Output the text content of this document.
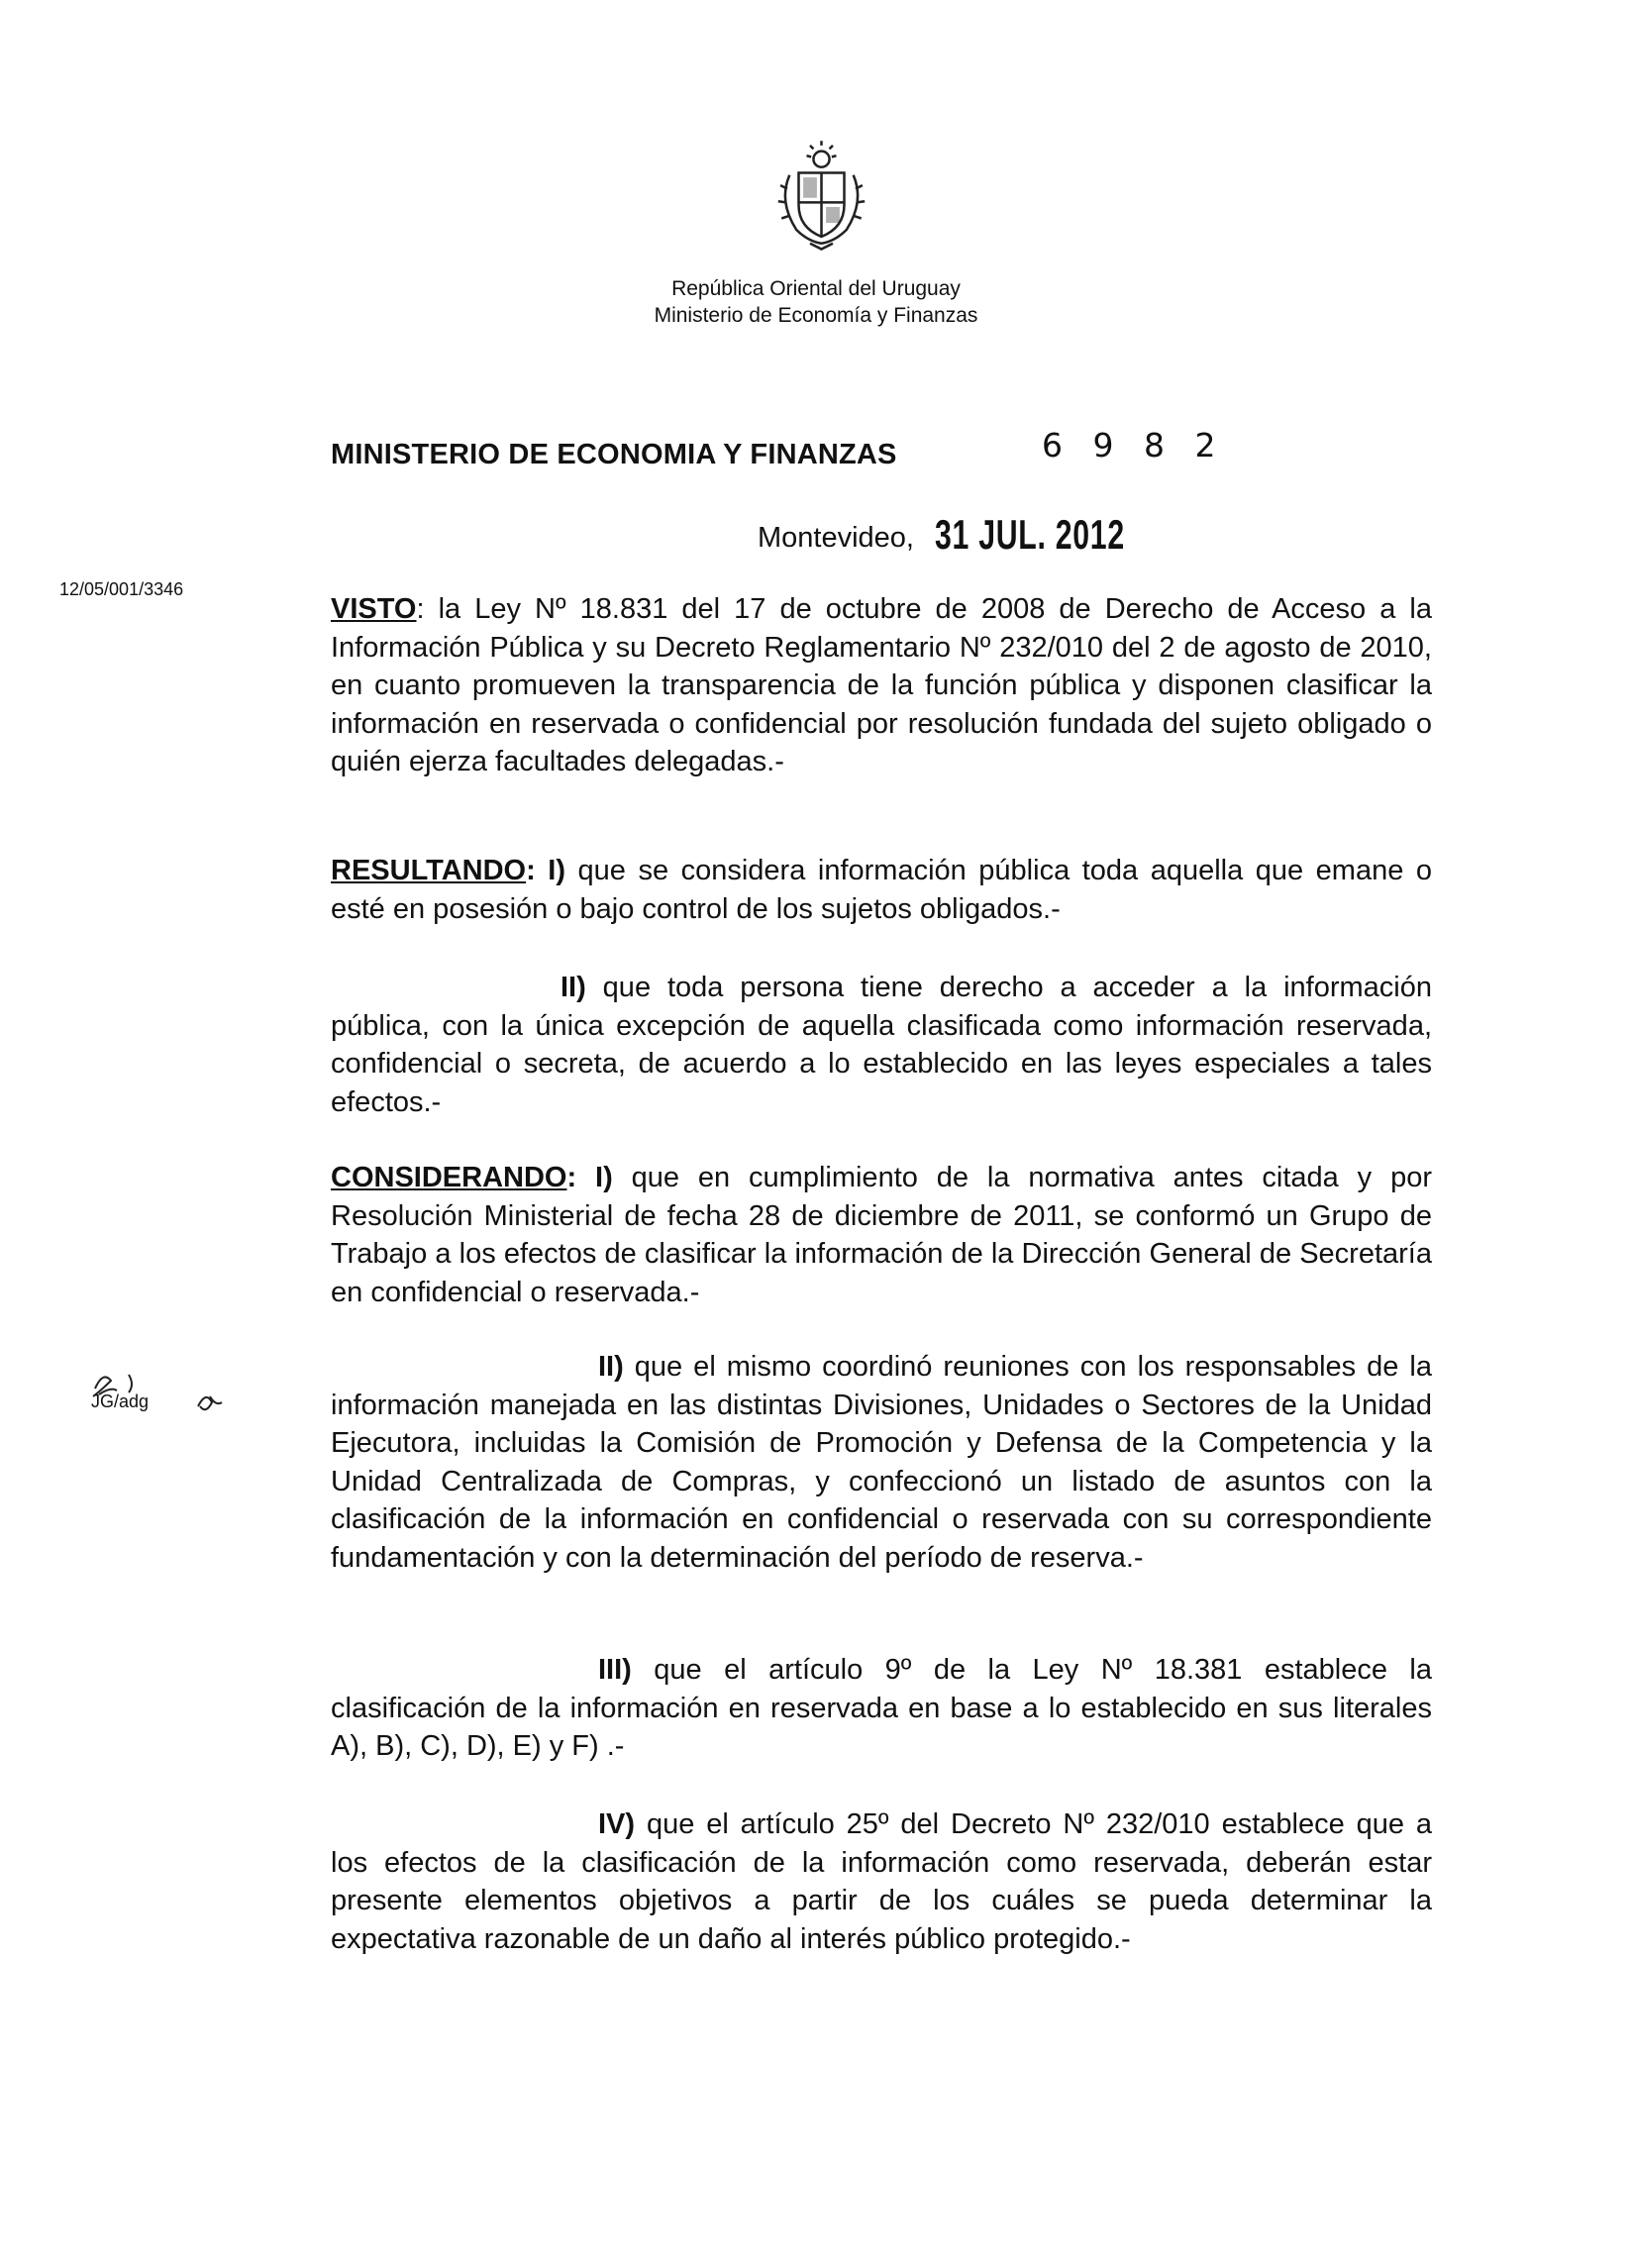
República Oriental del Uruguay
Ministerio de Economía y Finanzas
MINISTERIO DE ECONOMIA Y FINANZAS	6 9 8 2
Montevideo, 31 JUL. 2012
12/05/001/3346
JG/adg
VISTO: la Ley Nº 18.831 del 17 de octubre de 2008 de Derecho de Acceso a la Información Pública y su Decreto Reglamentario Nº 232/010 del 2 de agosto de 2010, en cuanto promueven la transparencia de la función pública y disponen clasificar la información en reservada o confidencial por resolución fundada del sujeto obligado o quién ejerza facultades delegadas.-
RESULTANDO: I) que se considera información pública toda aquella que emane o esté en posesión o bajo control de los sujetos obligados.-
II) que toda persona tiene derecho a acceder a la información pública, con la única excepción de aquella clasificada como información reservada, confidencial o secreta, de acuerdo a lo establecido en las leyes especiales a tales efectos.-
CONSIDERANDO: I) que en cumplimiento de la normativa antes citada y por Resolución Ministerial de fecha 28 de diciembre de 2011, se conformó un Grupo de Trabajo a los efectos de clasificar la información de la Dirección General de Secretaría en confidencial o reservada.-
II) que el mismo coordinó reuniones con los responsables de la información manejada en las distintas Divisiones, Unidades o Sectores de la Unidad Ejecutora, incluidas la Comisión de Promoción y Defensa de la Competencia y la Unidad Centralizada de Compras, y confeccionó un listado de asuntos con la clasificación de la información en confidencial o reservada con su correspondiente fundamentación y con la determinación del período de reserva.-
III) que el artículo 9º de la Ley Nº 18.381 establece la clasificación de la información en reservada en base a lo establecido en sus literales A), B), C), D), E) y F) .-
IV) que el artículo 25º del Decreto Nº 232/010 establece que a los efectos de la clasificación de la información como reservada, deberán estar presente elementos objetivos a partir de los cuáles se pueda determinar la expectativa razonable de un daño al interés público protegido.-
